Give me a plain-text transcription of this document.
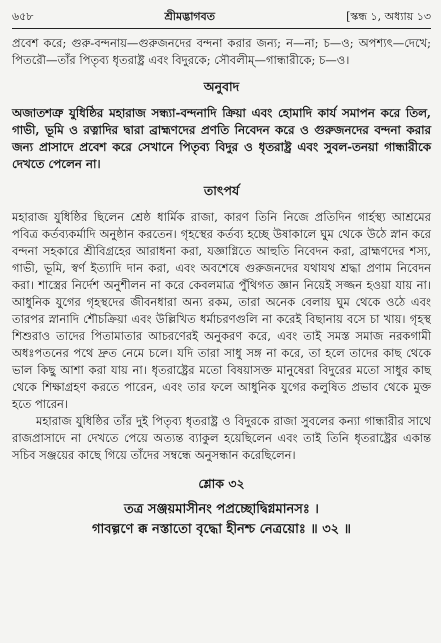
৬৫৮	শ্রীমদ্ভাগবত	[স্কন্ধ ১, অধ্যায় ১৩

প্রবেশ করে; গুরু-বন্দনায়—গুরুজনদের বন্দনা করার জন্য; ন—না; চ—ও; অপশ্যৎ—দেখে; পিতরৌ—তাঁর পিতৃব্য ধৃতরাষ্ট্র এবং বিদুরকে; সৌবলীম্—গান্ধারীকে; চ—ও।

অনুবাদ

অজাতশত্রু যুধিষ্ঠির মহারাজ সন্ধ্যা-বন্দনাদি ক্রিয়া এবং হোমাদি কার্য সমাপন করে তিল, গাভী, ভূমি ও রত্নাদির দ্বারা ব্রাহ্মণদের প্রণতি নিবেদন করে ও গুরুজনদের বন্দনা করার জন্য প্রাসাদে প্রবেশ করে সেখানে পিতৃব্য বিদুর ও ধৃতরাষ্ট্র এবং সুবল-তনয়া গান্ধারীকে দেখতে পেলেন না।

তাৎপর্য

মহারাজ যুধিষ্ঠির ছিলেন শ্রেষ্ঠ ধার্মিক রাজা, কারণ তিনি নিজে প্রতিদিন গার্হস্থ্য আশ্রমের পবিত্র কর্তব্যকর্মাদি অনুষ্ঠান করতেন। গৃহস্থের কর্তব্য হচ্ছে উষাকালে ঘুম থেকে উঠে স্নান করে বন্দনা সহকারে শ্রীবিগ্রহের আরাধনা করা, যজ্ঞাগ্নিতে আহুতি নিবেদন করা, ব্রাহ্মণদের শস্য, গাভী, ভূমি, স্বর্ণ ইত্যাদি দান করা, এবং অবশেষে গুরুজনদের যথাযথ শ্রদ্ধা প্রণাম নিবেদন করা। শাস্ত্রের নির্দেশ অনুশীলন না করে কেবলমাত্র পুঁথিগত জ্ঞান নিয়েই সজ্জন হওয়া যায় না। আধুনিক যুগের গৃহস্থদের জীবনধারা অন্য রকম, তারা অনেক বেলায় ঘুম থেকে ওঠে এবং তারপর স্নানাদি শৌচক্রিয়া এবং উল্লিখিত ধর্মাচরণগুলি না করেই বিছানায় বসে চা খায়। গৃহস্থ শিশুরাও তাদের পিতামাতার আচরণেরই অনুকরণ করে, এবং তাই সমস্ত সমাজ নরকগামী অধঃপতনের পথে দ্রুত নেমে চলে। যদি তারা সাধু সঙ্গ না করে, তা হলে তাদের কাছ থেকে ভাল কিছু আশা করা যায় না। ধৃতরাষ্ট্রের মতো বিষয়াসক্ত মানুষেরা বিদুরের মতো সাধুর কাছ থেকে শিক্ষাগ্রহণ করতে পারেন, এবং তার ফলে আধুনিক যুগের কলুষিত প্রভাব থেকে মুক্ত হতে পারেন।

মহারাজ যুধিষ্ঠির তাঁর দুই পিতৃব্য ধৃতরাষ্ট্র ও বিদুরকে রাজা সুবলের কন্যা গান্ধারীর সাথে রাজপ্রাসাদে না দেখতে পেয়ে অত্যন্ত ব্যাকুল হয়েছিলেন এবং তাই তিনি ধৃতরাষ্ট্রের একান্ত সচিব সঞ্জয়ের কাছে গিয়ে তাঁদের সম্বন্ধে অনুসন্ধান করেছিলেন।

শ্লোক ৩২

তত্র সঞ্জয়মাসীনং পপ্রচ্ছোদ্বিগ্নমানসঃ ।

গাবল্গণে ক্ক নস্তাতো বৃদ্ধো হীনশ্চ নেত্রয়োঃ ॥ ৩২ ॥
